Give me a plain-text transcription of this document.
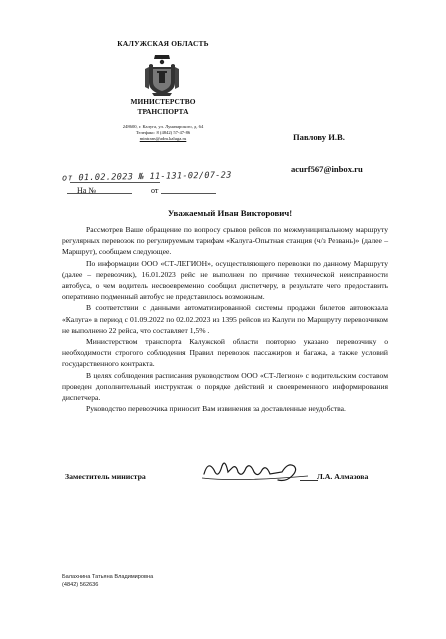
КАЛУЖСКАЯ ОБЛАСТЬ
МИНИСТЕРСТВО
ТРАНСПОРТА
248600, г. Калуга, ул. Луначарского, д. 64
Телефакс: 8 (4842) 57-47-86
mintrans@adm.kaluga.ru
от 01.02.2023 № 11-131-02/07-23
На №	от
Павлову И.В.
acurf567@inbox.ru
Уважаемый Иван Викторович!

Рассмотрев Ваше обращение по вопросу срывов рейсов по межмуниципальному маршруту регулярных перевозок по регулируемым тарифам «Калуга-Опытная станция (ч/з Резвань)» (далее – Маршрут), сообщаем следующее.

По информации ООО «СТ-ЛЕГИОН», осуществляющего перевозки по данному Маршруту (далее – перевозчик), 16.01.2023 рейс не выполнен по причине технической неисправности автобуса, о чем водитель несвоевременно сообщил диспетчеру, в результате чего предоставить оперативно подменный автобус не представилось возможным.

В соответствии с данными автоматизированной системы продажи билетов автовокзала «Калуга» в период с 01.09.2022 по 02.02.2023 из 1395 рейсов из Калуги по Маршруту перевозчиком не выполнено 22 рейса, что составляет 1,5% .

Министерством транспорта Калужской области повторно указано перевозчику о необходимости строгого соблюдения Правил перевозок пассажиров и багажа, а также условий государственного контракта.

В целях соблюдения расписания руководством ООО «СТ-Легион» с водительским составом проведен дополнительный инструктаж о порядке действий и своевременного информирования диспетчера.

Руководство перевозчика приносит Вам извинения за доставленные неудобства.

Заместитель министра	Л.А. Алмазова
Балахнина Татьяна Владимировна
(4842) 562636
